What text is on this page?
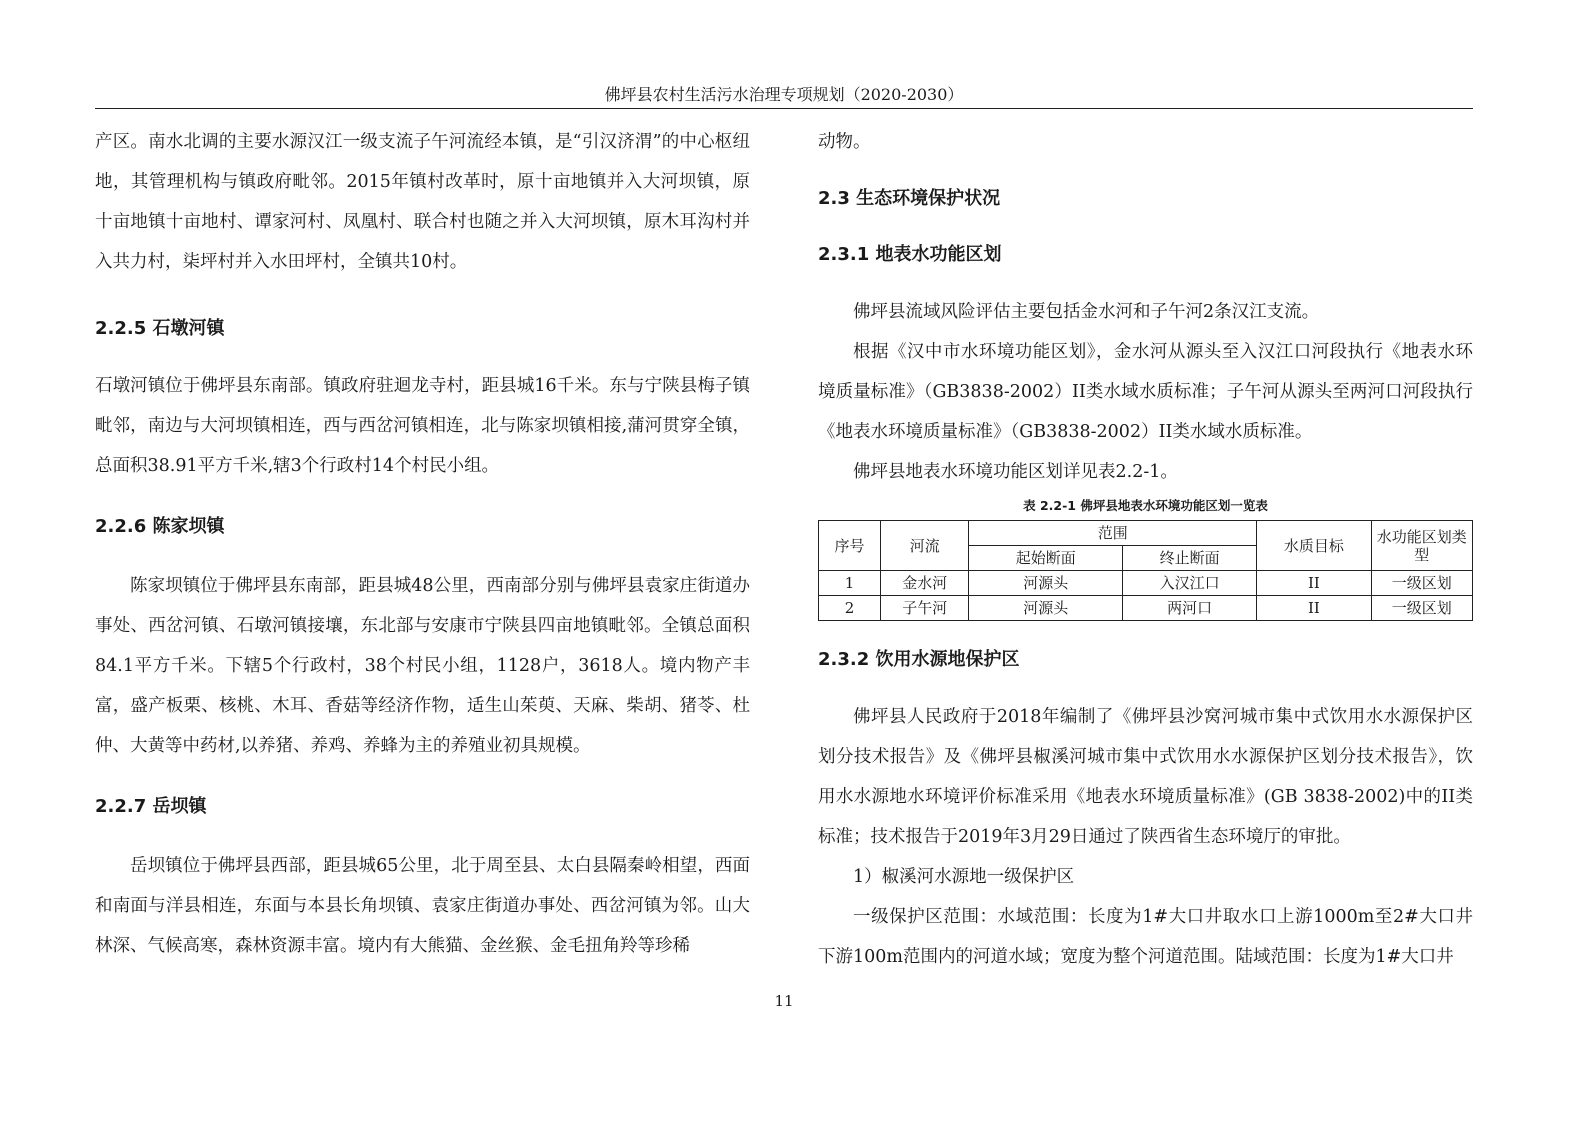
佛坪县农村生活污水治理专项规划（2020-2030）

产区。南水北调的主要水源汉江一级支流子午河流经本镇，是“引汉济渭”的中心枢纽地，其管理机构与镇政府毗邻。2015年镇村改革时，原十亩地镇并入大河坝镇，原十亩地镇十亩地村、谭家河村、凤凰村、联合村也随之并入大河坝镇，原木耳沟村并入共力村，柒坪村并入水田坪村，全镇共10村。

2.2.5 石墩河镇

石墩河镇位于佛坪县东南部。镇政府驻迴龙寺村，距县城16千米。东与宁陕县梅子镇毗邻，南边与大河坝镇相连，西与西岔河镇相连，北与陈家坝镇相接,蒲河贯穿全镇，总面积38.91平方千米,辖3个行政村14个村民小组。

2.2.6 陈家坝镇

陈家坝镇位于佛坪县东南部，距县城48公里，西南部分别与佛坪县袁家庄街道办事处、西岔河镇、石墩河镇接壤，东北部与安康市宁陕县四亩地镇毗邻。全镇总面积84.1平方千米。下辖5个行政村，38个村民小组，1128户，3618人。境内物产丰富，盛产板栗、核桃、木耳、香菇等经济作物，适生山茱萸、天麻、柴胡、猪苓、杜仲、大黄等中药材,以养猪、养鸡、养蜂为主的养殖业初具规模。

2.2.7 岳坝镇

岳坝镇位于佛坪县西部，距县城65公里，北于周至县、太白县隔秦岭相望，西面和南面与洋县相连，东面与本县长角坝镇、袁家庄街道办事处、西岔河镇为邻。山大林深、气候高寒，森林资源丰富。境内有大熊猫、金丝猴、金毛扭角羚等珍稀

动物。

2.3 生态环境保护状况
2.3.1 地表水功能区划

佛坪县流域风险评估主要包括金水河和子午河2条汉江支流。

根据《汉中市水环境功能区划》，金水河从源头至入汉江口河段执行《地表水环境质量标准》（GB3838-2002）II类水域水质标准；子午河从源头至两河口河段执行《地表水环境质量标准》（GB3838-2002）II类水域水质标准。

佛坪县地表水环境功能区划详见表2.2-1。

表 2.2-1 佛坪县地表水环境功能区划一览表
序号	河流	范围		水质目标	水功能区划类型
		起始断面	终止断面		
1	金水河	河源头	入汉江口	II	一级区划
2	子午河	河源头	两河口	II	一级区划
2.3.2 饮用水源地保护区

佛坪县人民政府于2018年编制了《佛坪县沙窝河城市集中式饮用水水源保护区划分技术报告》及《佛坪县椒溪河城市集中式饮用水水源保护区划分技术报告》，饮用水水源地水环境评价标准采用《地表水环境质量标准》(GB 3838-2002)中的II类标准；技术报告于2019年3月29日通过了陕西省生态环境厅的审批。

1）椒溪河水源地一级保护区

一级保护区范围：水域范围：长度为1#大口井取水口上游1000m至2#大口井下游100m范围内的河道水域；宽度为整个河道范围。陆域范围：长度为1#大口井

11
